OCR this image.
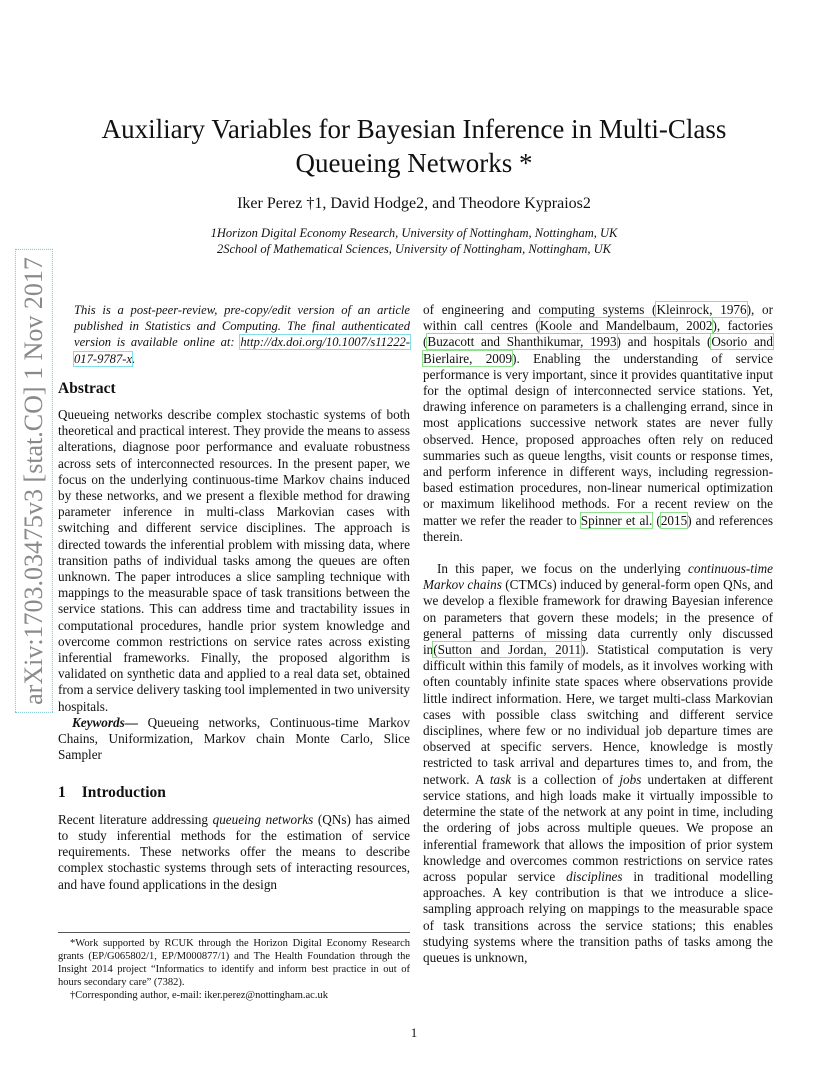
arXiv:1703.03475v3 [stat.CO] 1 Nov 2017
Auxiliary Variables for Bayesian Inference in Multi-Class
Queueing Networks *
Iker Perez †1, David Hodge2, and Theodore Kypraios2
1Horizon Digital Economy Research, University of Nottingham, Nottingham, UK
2School of Mathematical Sciences, University of Nottingham, Nottingham, UK

This is a post-peer-review, pre-copy/edit version of an article published in Statistics and Computing. The final authenticated version is available online at: http://dx.doi.org/10.1007/s11222-017-9787-x.

Abstract

Queueing networks describe complex stochastic systems of both theoretical and practical interest. They provide the means to assess alterations, diagnose poor performance and evaluate robustness across sets of interconnected resources. In the present paper, we focus on the underlying continuous-time Markov chains induced by these networks, and we present a flexible method for drawing parameter inference in multi-class Markovian cases with switching and different service disciplines. The approach is directed towards the inferential problem with missing data, where transition paths of individual tasks among the queues are often unknown. The paper introduces a slice sampling technique with mappings to the measurable space of task transitions between the service stations. This can address time and tractability issues in computational procedures, handle prior system knowledge and overcome common restrictions on service rates across existing inferential frameworks. Finally, the proposed algorithm is validated on synthetic data and applied to a real data set, obtained from a service delivery tasking tool implemented in two university hospitals.

Keywords— Queueing networks, Continuous-time Markov Chains, Uniformization, Markov chain Monte Carlo, Slice Sampler

1 Introduction

Recent literature addressing queueing networks (QNs) has aimed to study inferential methods for the estimation of service requirements. These networks offer the means to describe complex stochastic systems through sets of interacting resources, and have found applications in the design

*Work supported by RCUK through the Horizon Digital Economy Research grants (EP/G065802/1, EP/M000877/1) and The Health Foundation through the Insight 2014 project “Informatics to identify and inform best practice in out of hours secondary care” (7382).

†Corresponding author, e-mail: iker.perez@nottingham.ac.uk

of engineering and computing systems (Kleinrock, 1976), or within call centres (Koole and Mandelbaum, 2002), factories (Buzacott and Shanthikumar, 1993) and hospitals (Osorio and Bierlaire, 2009). Enabling the understanding of service performance is very important, since it provides quantitative input for the optimal design of interconnected service stations. Yet, drawing inference on parameters is a challenging errand, since in most applications successive network states are never fully observed. Hence, proposed approaches often rely on reduced summaries such as queue lengths, visit counts or response times, and perform inference in different ways, including regression-based estimation procedures, non-linear numerical optimization or maximum likelihood methods. For a recent review on the matter we refer the reader to Spinner et al. (2015) and references therein.

In this paper, we focus on the underlying continuous-time Markov chains (CTMCs) induced by general-form open QNs, and we develop a flexible framework for drawing Bayesian inference on parameters that govern these models; in the presence of general patterns of missing data currently only discussed in(Sutton and Jordan, 2011). Statistical computation is very difficult within this family of models, as it involves working with often countably infinite state spaces where observations provide little indirect information. Here, we target multi-class Markovian cases with possible class switching and different service disciplines, where few or no individual job departure times are observed at specific servers. Hence, knowledge is mostly restricted to task arrival and departures times to, and from, the network. A task is a collection of jobs undertaken at different service stations, and high loads make it virtually impossible to determine the state of the network at any point in time, including the ordering of jobs across multiple queues. We propose an inferential framework that allows the imposition of prior system knowledge and overcomes common restrictions on service rates across popular service disciplines in traditional modelling approaches. A key contribution is that we introduce a slice-sampling approach relying on mappings to the measurable space of task transitions across the service stations; this enables studying systems where the transition paths of tasks among the queues is unknown,

1
